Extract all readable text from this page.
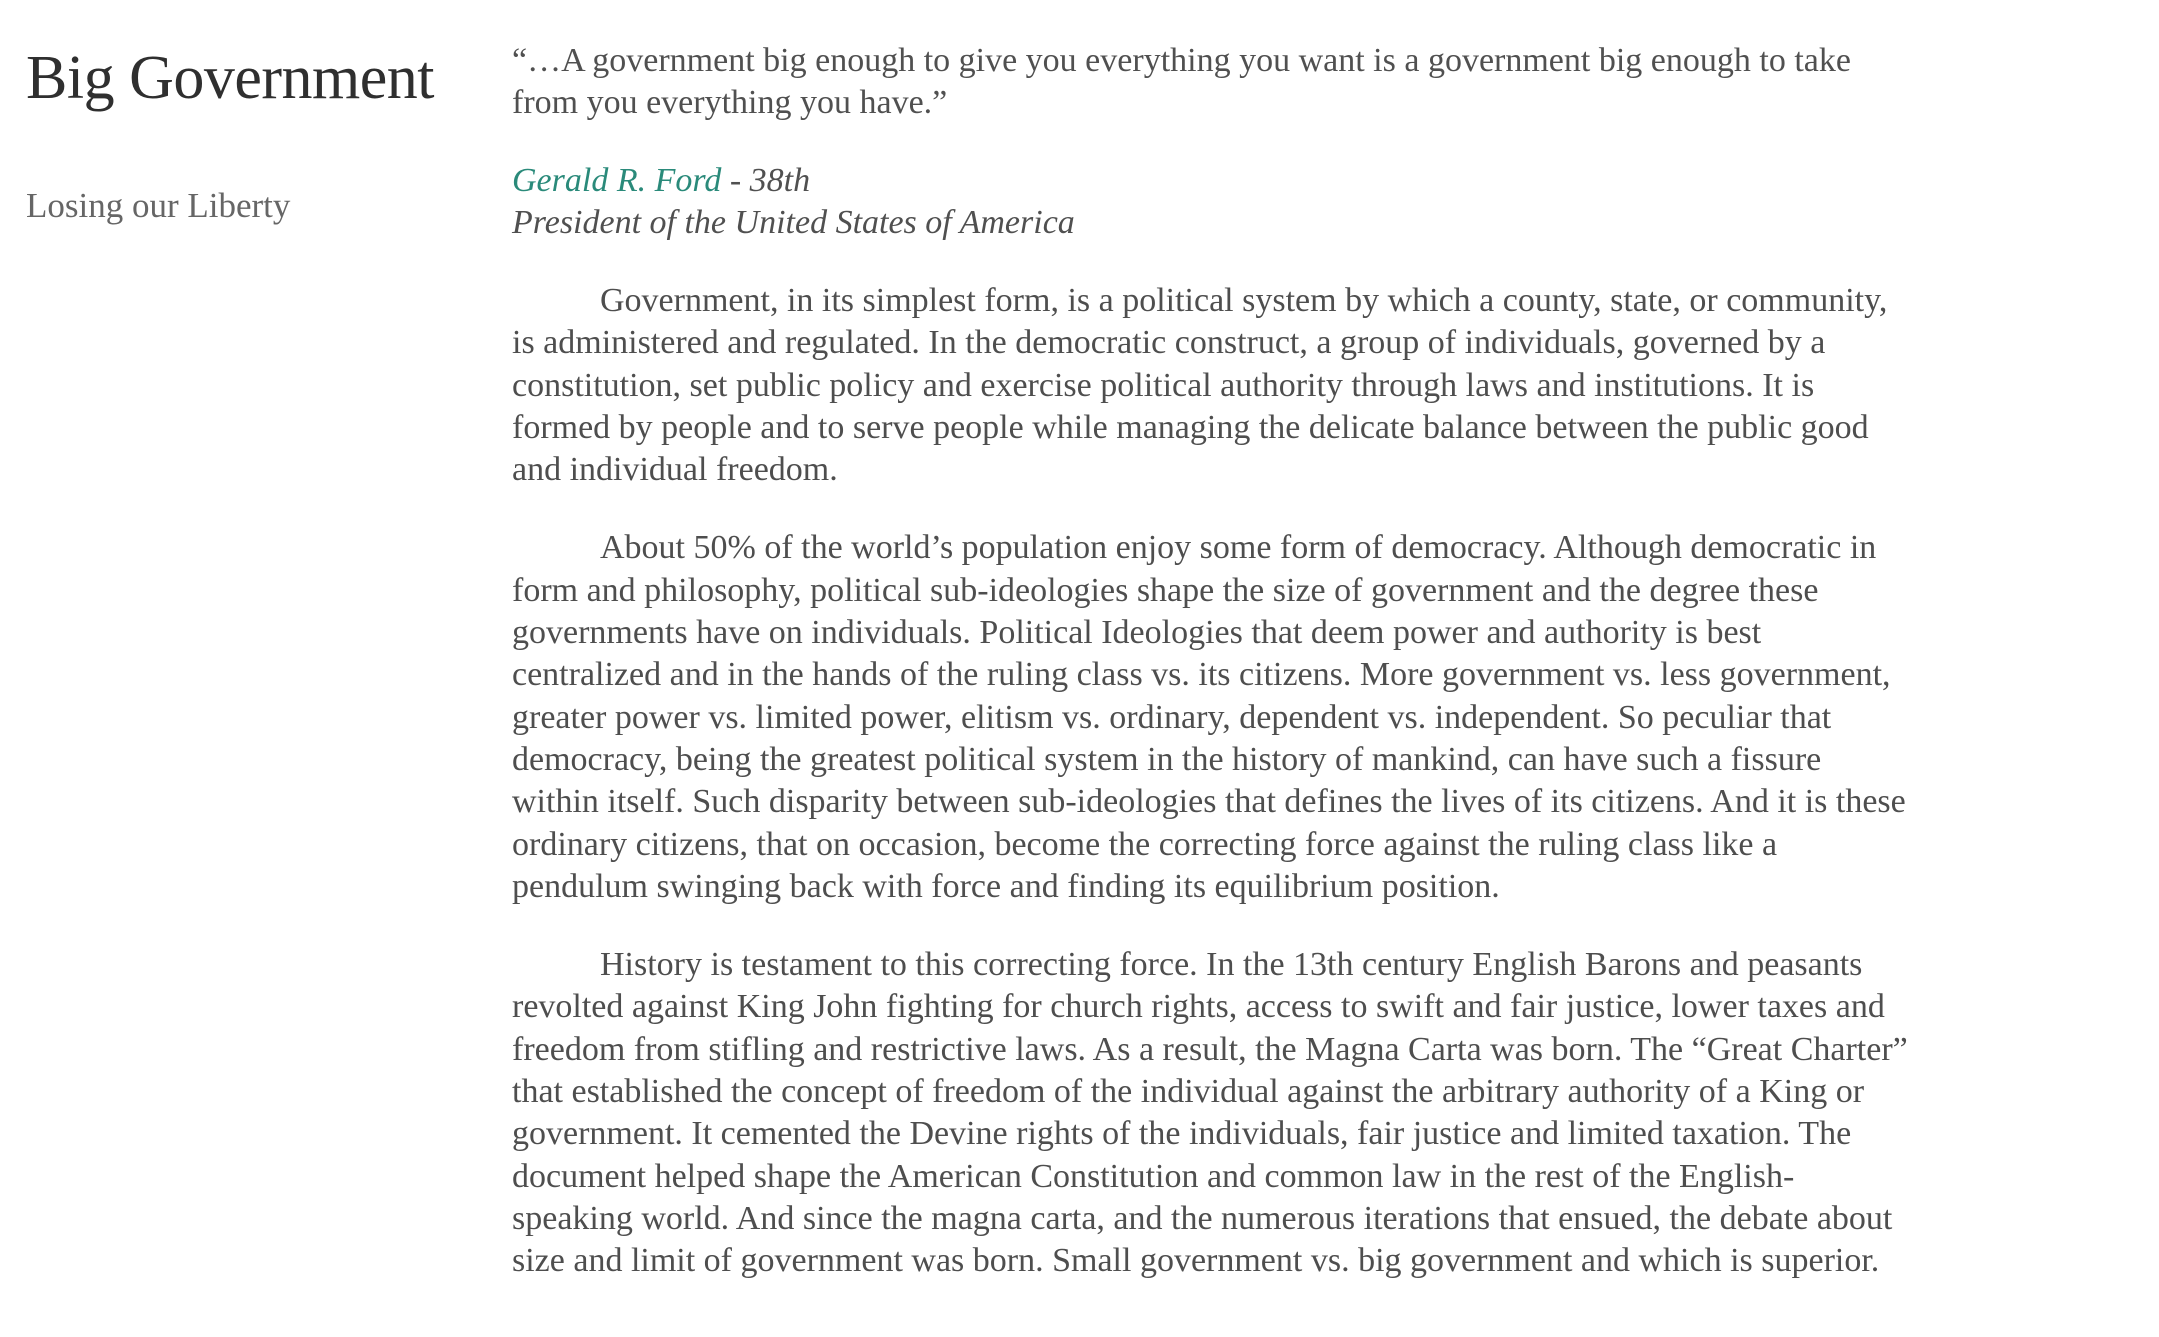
Big Government
Losing our Liberty

“…A government big enough to give you everything you want is a government big enough to take from you everything you have.”

Gerald R. Ford - 38th
President of the United States of America

Government, in its simplest form, is a political system by which a county, state, or community, is administered and regulated. In the democratic construct, a group of individuals, governed by a constitution, set public policy and exercise political authority through laws and institutions. It is formed by people and to serve people while managing the delicate balance between the public good and individual freedom.

About 50% of the world’s population enjoy some form of democracy. Although democratic in form and philosophy, political sub-ideologies shape the size of government and the degree these governments have on individuals. Political Ideologies that deem power and authority is best centralized and in the hands of the ruling class vs. its citizens. More government vs. less government, greater power vs. limited power, elitism vs. ordinary, dependent vs. independent. So peculiar that democracy, being the greatest political system in the history of mankind, can have such a fissure within itself. Such disparity between sub-ideologies that defines the lives of its citizens. And it is these ordinary citizens, that on occasion, become the correcting force against the ruling class like a pendulum swinging back with force and finding its equilibrium position.

History is testament to this correcting force. In the 13th century English Barons and peasants revolted against King John fighting for church rights, access to swift and fair justice, lower taxes and freedom from stifling and restrictive laws. As a result, the Magna Carta was born. The “Great Charter” that established the concept of freedom of the individual against the arbitrary authority of a King or government. It cemented the Devine rights of the individuals, fair justice and limited taxation. The document helped shape the American Constitution and common law in the rest of the English-speaking world. And since the magna carta, and the numerous iterations that ensued, the debate about size and limit of government was born. Small government vs. big government and which is superior.
